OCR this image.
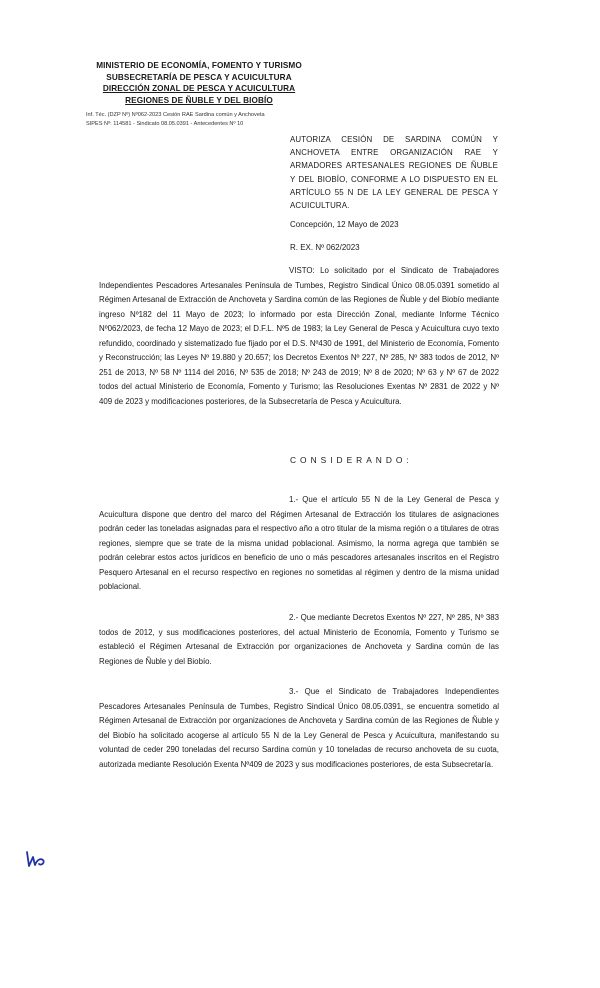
MINISTERIO DE ECONOMÍA, FOMENTO Y TURISMO
SUBSECRETARÍA DE PESCA Y ACUICULTURA
DIRECCIÓN ZONAL DE PESCA Y ACUICULTURA
REGIONES DE ÑUBLE Y DEL BIOBÍO
Inf. Téc. (DZP Nº) Nº062-2023 Cesión RAE Sardina común y Anchoveta
SIPES Nº: 114581 - Sindicato 08.05.0391 - Antecedentes Nº 10
AUTORIZA CESIÓN DE SARDINA COMÚN Y ANCHOVETA ENTRE ORGANIZACIÓN RAE Y ARMADORES ARTESANALES REGIONES DE ÑUBLE Y DEL BIOBÍO, CONFORME A LO DISPUESTO EN EL ARTÍCULO 55 N DE LA LEY GENERAL DE PESCA Y ACUICULTURA.
Concepción, 12 Mayo de 2023
R. EX. Nº 062/2023
VISTO: Lo solicitado por el Sindicato de Trabajadores Independientes Pescadores Artesanales Península de Tumbes, Registro Sindical Único 08.05.0391 sometido al Régimen Artesanal de Extracción de Anchoveta y Sardina común de las Regiones de Ñuble y del Biobío mediante ingreso Nº182 del 11 Mayo de 2023; lo informado por esta Dirección Zonal, mediante Informe Técnico Nº062/2023, de fecha 12 Mayo de 2023; el D.F.L. Nº5 de 1983; la Ley General de Pesca y Acuicultura cuyo texto refundido, coordinado y sistematizado fue fijado por el D.S. Nº430 de 1991, del Ministerio de Economía, Fomento y Reconstrucción; las Leyes Nº 19.880 y 20.657; los Decretos Exentos Nº 227, Nº 285, Nº 383 todos de 2012, Nº 251 de 2013, Nº 58 Nº 1114 del 2016, Nº 535 de 2018; Nº 243 de 2019; Nº 8 de 2020; Nº 63 y Nº 67 de 2022 todos del actual Ministerio de Economía, Fomento y Turismo; las Resoluciones Exentas Nº 2831 de 2022 y Nº 409 de 2023 y modificaciones posteriores, de la Subsecretaría de Pesca y Acuicultura.
CONSIDERANDO:
1.- Que el artículo 55 N de la Ley General de Pesca y Acuicultura dispone que dentro del marco del Régimen Artesanal de Extracción los titulares de asignaciones podrán ceder las toneladas asignadas para el respectivo año a otro titular de la misma región o a titulares de otras regiones, siempre que se trate de la misma unidad poblacional. Asimismo, la norma agrega que también se podrán celebrar estos actos jurídicos en beneficio de uno o más pescadores artesanales inscritos en el Registro Pesquero Artesanal en el recurso respectivo en regiones no sometidas al régimen y dentro de la misma unidad poblacional.
2.- Que mediante Decretos Exentos Nº 227, Nº 285, Nº 383 todos de 2012, y sus modificaciones posteriores, del actual Ministerio de Economía, Fomento y Turismo se estableció el Régimen Artesanal de Extracción por organizaciones de Anchoveta y Sardina común de las Regiones de Ñuble y del Biobío.
3.- Que el Sindicato de Trabajadores Independientes Pescadores Artesanales Península de Tumbes, Registro Sindical Único 08.05.0391, se encuentra sometido al Régimen Artesanal de Extracción por organizaciones de Anchoveta y Sardina común de las Regiones de Ñuble y del Biobío ha solicitado acogerse al artículo 55 N de la Ley General de Pesca y Acuicultura, manifestando su voluntad de ceder 290 toneladas del recurso Sardina común y 10 toneladas de recurso anchoveta de su cuota, autorizada mediante Resolución Exenta Nº409 de 2023 y sus modificaciones posteriores, de esta Subsecretaría.
